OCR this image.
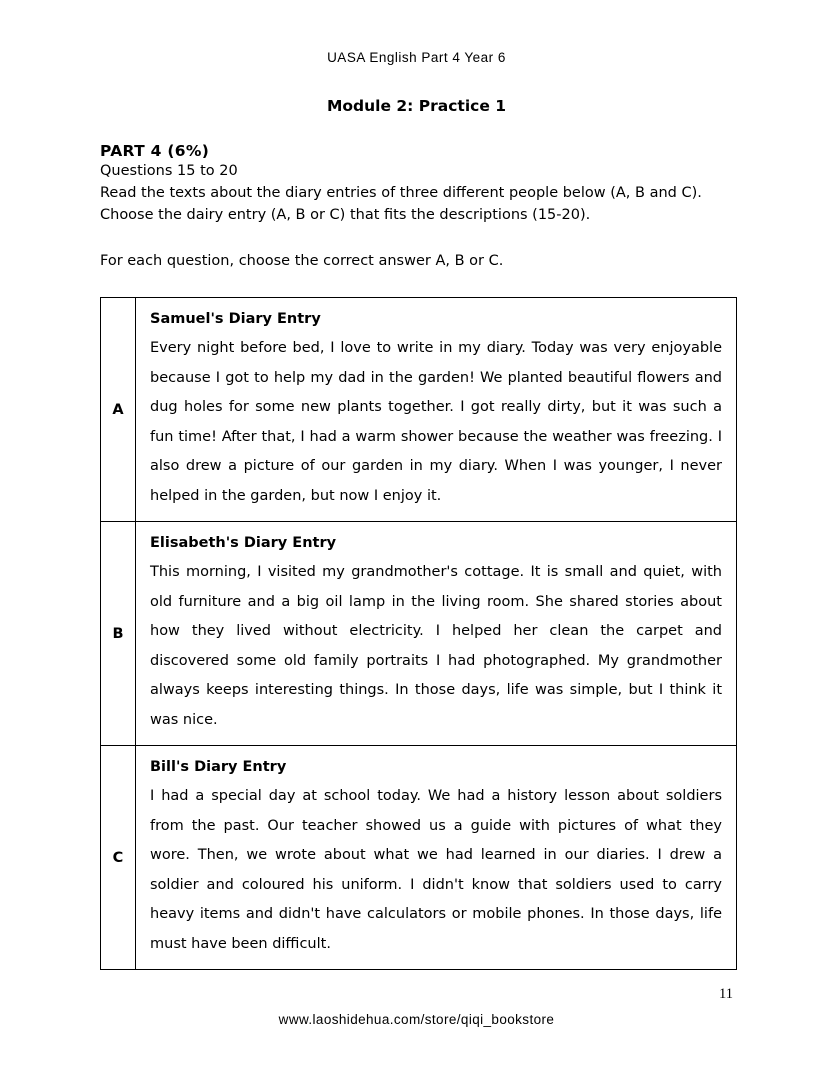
UASA English Part 4 Year 6
Module 2: Practice 1
PART 4 (6%)
Questions 15 to 20
Read the texts about the diary entries of three different people below (A, B and C). Choose the dairy entry (A, B or C) that fits the descriptions (15-20).
For each question, choose the correct answer A, B or C.
A	Samuel's Diary Entry
Every night before bed, I love to write in my diary. Today was very enjoyable because I got to help my dad in the garden! We planted beautiful flowers and dug holes for some new plants together. I got really dirty, but it was such a fun time! After that, I had a warm shower because the weather was freezing. I also drew a picture of our garden in my diary. When I was younger, I never helped in the garden, but now I enjoy it.

B	Elisabeth's Diary Entry
This morning, I visited my grandmother's cottage. It is small and quiet, with old furniture and a big oil lamp in the living room. She shared stories about how they lived without electricity. I helped her clean the carpet and discovered some old family portraits I had photographed. My grandmother always keeps interesting things. In those days, life was simple, but I think it was nice.

C	Bill's Diary Entry
I had a special day at school today. We had a history lesson about soldiers from the past. Our teacher showed us a guide with pictures of what they wore. Then, we wrote about what we had learned in our diaries. I drew a soldier and coloured his uniform. I didn't know that soldiers used to carry heavy items and didn't have calculators or mobile phones. In those days, life must have been difficult.
11
www.laoshidehua.com/store/qiqi_bookstore
